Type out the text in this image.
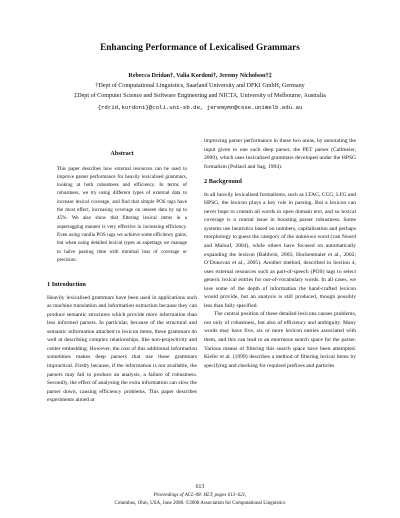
Enhancing Performance of Lexicalised Grammars
Rebecca Dridan†, Valia Kordoni†, Jeremy Nicholson†‡
†Dept of Computational Linguistics, Saarland University and DFKI GmbH, Germany
‡Dept of Computer Science and Software Engineering and NICTA, University of Melbourne, Australia
{rdrid,kordoni}@coli.uni-sb.de, jeremymn@csse.unimelb.edu.au
Abstract

This paper describes how external resources can be used to improve parser performance for heavily lexicalised grammars, looking at both robustness and efficiency. In terms of robustness, we try using different types of external data to increase lexical coverage, and find that simple POS tags have the most effect, increasing coverage on unseen data by up to 45%. We also show that filtering lexical items in a supertagging manner is very effective in increasing efficiency. Even using vanilla POS tags we achieve some efficiency gains, but when using detailed lexical types as supertags we manage to halve parsing time with minimal loss of coverage or precision.

1 Introduction

Heavily lexicalised grammars have been used in applications such as machine translation and information extraction because they can produce semantic structures which provide more information than less informed parsers. In particular, because of the structural and semantic information attached to lexicon items, these grammars do well at describing complex relationships, like non-projectivity and center embedding. However, the cost of this additional information sometimes makes deep parsers that use these grammars impractical. Firstly because, if the information is not available, the parsers may fail to produce an analysis, a failure of robustness. Secondly, the effect of analysing the extra information can slow the parser down, causing efficiency problems. This paper describes experiments aimed at

improving parser performance in these two areas, by annotating the input given to one such deep parser, the PET parser (Callmeier, 2000), which uses lexicalised grammars developed under the HPSG formalism (Pollard and Sag, 1994).

2 Background

In all heavily lexicalised formalisms, such as LTAG, CCG, LFG and HPSG, the lexicon plays a key role in parsing. But a lexicon can never hope to contain all words in open domain text, and so lexical coverage is a central issue in boosting parser robustness. Some systems use heuristics based on numbers, capitalisation and perhaps morphology to guess the category of the unknown word (van Noord and Malouf, 2004), while others have focused on automatically expanding the lexicon (Baldwin, 2005; Hockenmaier et al., 2002; O’Donovan et al., 2005). Another method, described in Section 4, uses external resources such as part-of-speech (POS) tags to select generic lexical entries for out-of-vocabulary words. In all cases, we lose some of the depth of information the hand-crafted lexicon would provide, but an analysis is still produced, though possibly less than fully specified.

The central position of these detailed lexicons causes problems, not only of robustness, but also of efficiency and ambiguity. Many words may have five, six or more lexicon entries associated with them, and this can lead to an enormous search space for the parser. Various means of filtering this search space have been attempted. Kiefer et al. (1999) describes a method of filtering lexical items by specifying and checking for required prefixes and particles

613
Proceedings of ACL-08: HLT, pages 613–621,
Columbus, Ohio, USA, June 2008. ©2008 Association for Computational Linguistics
